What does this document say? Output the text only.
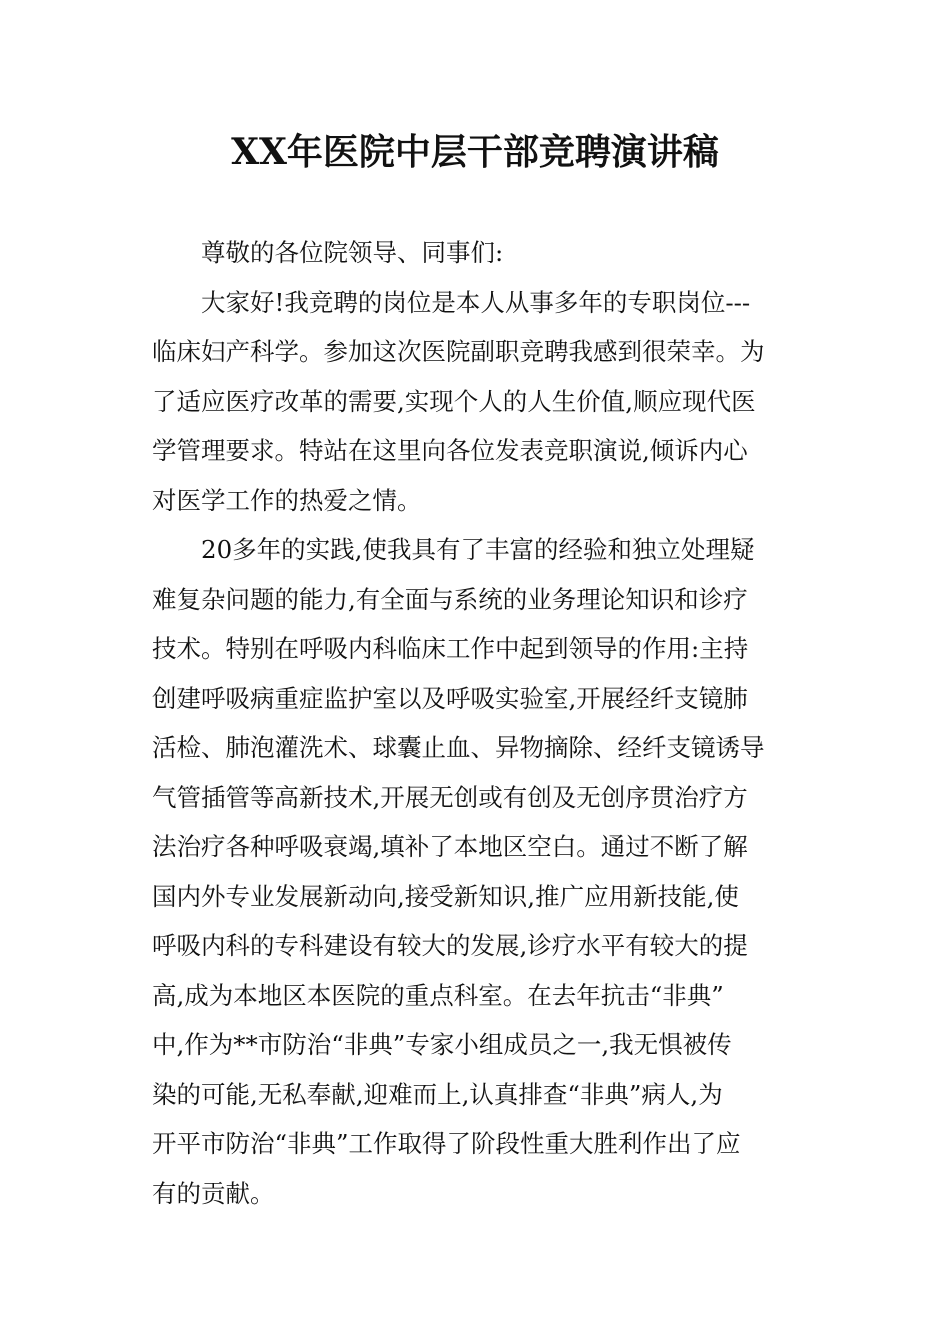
XX年医院中层干部竞聘演讲稿
尊敬的各位院领导、同事们:
大家好!我竞聘的岗位是本人从事多年的专职岗位---
临床妇产科学。参加这次医院副职竞聘我感到很荣幸。为
了适应医疗改革的需要,实现个人的人生价值,顺应现代医
学管理要求。特站在这里向各位发表竞职演说,倾诉内心
对医学工作的热爱之情。
20多年的实践,使我具有了丰富的经验和独立处理疑
难复杂问题的能力,有全面与系统的业务理论知识和诊疗
技术。特别在呼吸内科临床工作中起到领导的作用:主持
创建呼吸病重症监护室以及呼吸实验室,开展经纤支镜肺
活检、肺泡灌洗术、球囊止血、异物摘除、经纤支镜诱导
气管插管等高新技术,开展无创或有创及无创序贯治疗方
法治疗各种呼吸衰竭,填补了本地区空白。通过不断了解
国内外专业发展新动向,接受新知识,推广应用新技能,使
呼吸内科的专科建设有较大的发展,诊疗水平有较大的提
高,成为本地区本医院的重点科室。在去年抗击“非典”
中,作为**市防治“非典”专家小组成员之一,我无惧被传
染的可能,无私奉献,迎难而上,认真排查“非典”病人,为
开平市防治“非典”工作取得了阶段性重大胜利作出了应
有的贡献。
